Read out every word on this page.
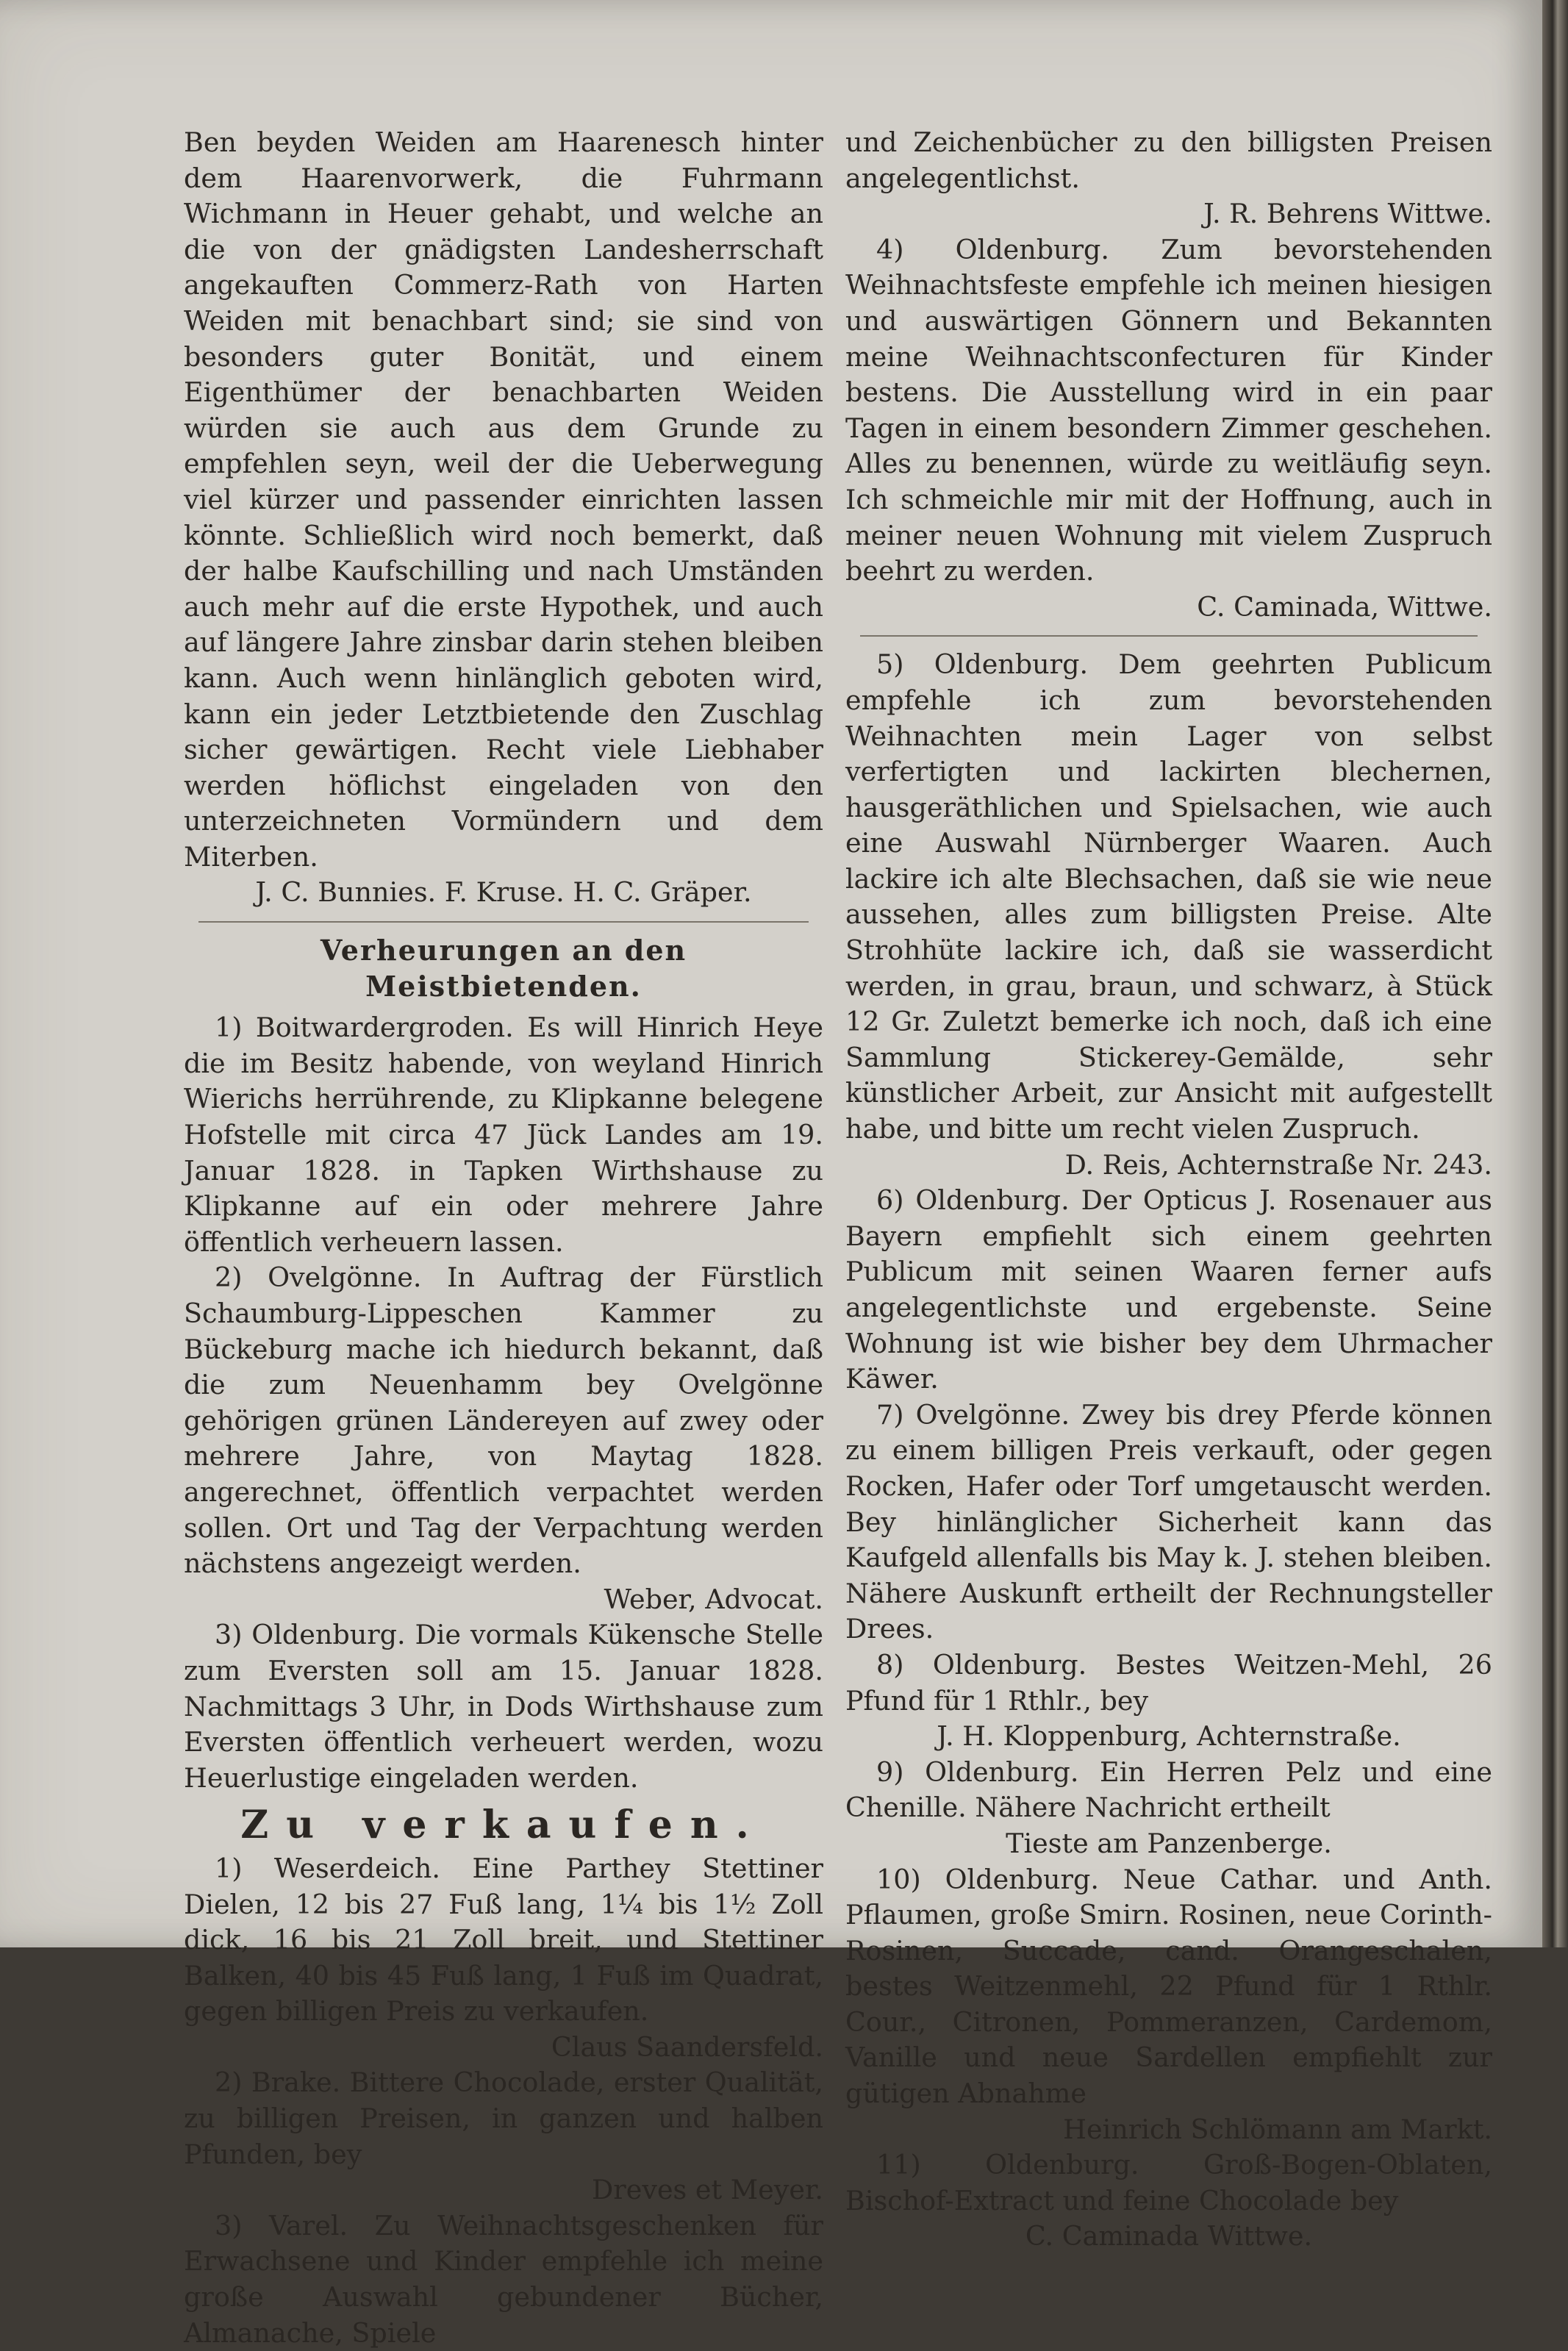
Ben beyden Weiden am Haarenesch hinter dem Haarenvorwerk, die Fuhrmann Wichmann in Heuer gehabt, und welche an die von der gnädigsten Landesherrschaft angekauften Commerz-Rath von Harten Weiden mit benachbart sind; sie sind von besonders guter Bonität, und einem Eigenthümer der benachbarten Weiden würden sie auch aus dem Grunde zu empfehlen seyn, weil der die Ueberwegung viel kürzer und passender einrichten lassen könnte. Schließlich wird noch bemerkt, daß der halbe Kaufschilling und nach Umständen auch mehr auf die erste Hypothek, und auch auf längere Jahre zinsbar darin stehen bleiben kann. Auch wenn hinlänglich geboten wird, kann ein jeder Letztbietende den Zuschlag sicher gewärtigen. Recht viele Liebhaber werden höflichst eingeladen von den unterzeichneten Vormündern und dem Miterben.

J. C. Bunnies. F. Kruse. H. C. Gräper.

Verheurungen an den Meistbietenden.

1) Boitwardergroden. Es will Hinrich Heye die im Besitz habende, von weyland Hinrich Wierichs herrührende, zu Klipkanne belegene Hofstelle mit circa 47 Jück Landes am 19. Januar 1828. in Tapken Wirthshause zu Klipkanne auf ein oder mehrere Jahre öffentlich verheuern lassen.

2) Ovelgönne. In Auftrag der Fürstlich Schaumburg-Lippeschen Kammer zu Bückeburg mache ich hiedurch bekannt, daß die zum Neuenhamm bey Ovelgönne gehörigen grünen Ländereyen auf zwey oder mehrere Jahre, von Maytag 1828. angerechnet, öffentlich verpachtet werden sollen. Ort und Tag der Verpachtung werden nächstens angezeigt werden.

Weber, Advocat.

3) Oldenburg. Die vormals Kükensche Stelle zum Eversten soll am 15. Januar 1828. Nachmittags 3 Uhr, in Dods Wirthshause zum Eversten öffentlich verheuert werden, wozu Heuerlustige eingeladen werden.

Zu verkaufen.

1) Weserdeich. Eine Parthey Stettiner Dielen, 12 bis 27 Fuß lang, 1¼ bis 1½ Zoll dick, 16 bis 21 Zoll breit, und Stettiner Balken, 40 bis 45 Fuß lang, 1 Fuß im Quadrat, gegen billigen Preis zu verkaufen.

Claus Saandersfeld.

2) Brake. Bittere Chocolade, erster Qualität, zu billigen Preisen, in ganzen und halben Pfunden, bey

Dreves et Meyer.

3) Varel. Zu Weihnachtsgeschenken für Erwachsene und Kinder empfehle ich meine große Auswahl gebundener Bücher, Almanache, Spiele

und Zeichenbücher zu den billigsten Preisen angelegentlichst.

J. R. Behrens Wittwe.

4) Oldenburg. Zum bevorstehenden Weihnachtsfeste empfehle ich meinen hiesigen und auswärtigen Gönnern und Bekannten meine Weihnachtsconfecturen für Kinder bestens. Die Ausstellung wird in ein paar Tagen in einem besondern Zimmer geschehen. Alles zu benennen, würde zu weitläufig seyn. Ich schmeichle mir mit der Hoffnung, auch in meiner neuen Wohnung mit vielem Zuspruch beehrt zu werden.

C. Caminada, Wittwe.

5) Oldenburg. Dem geehrten Publicum empfehle ich zum bevorstehenden Weihnachten mein Lager von selbst verfertigten und lackirten blechernen, hausgeräthlichen und Spielsachen, wie auch eine Auswahl Nürnberger Waaren. Auch lackire ich alte Blechsachen, daß sie wie neue aussehen, alles zum billigsten Preise. Alte Strohhüte lackire ich, daß sie wasserdicht werden, in grau, braun, und schwarz, à Stück 12 Gr. Zuletzt bemerke ich noch, daß ich eine Sammlung Stickerey-Gemälde, sehr künstlicher Arbeit, zur Ansicht mit aufgestellt habe, und bitte um recht vielen Zuspruch.

D. Reis, Achternstraße Nr. 243.

6) Oldenburg. Der Opticus J. Rosenauer aus Bayern empfiehlt sich einem geehrten Publicum mit seinen Waaren ferner aufs angelegentlichste und ergebenste. Seine Wohnung ist wie bisher bey dem Uhrmacher Käwer.

7) Ovelgönne. Zwey bis drey Pferde können zu einem billigen Preis verkauft, oder gegen Rocken, Hafer oder Torf umgetauscht werden. Bey hinlänglicher Sicherheit kann das Kaufgeld allenfalls bis May k. J. stehen bleiben. Nähere Auskunft ertheilt der Rechnungsteller Drees.

8) Oldenburg. Bestes Weitzen-Mehl, 26 Pfund für 1 Rthlr., bey

J. H. Kloppenburg, Achternstraße.

9) Oldenburg. Ein Herren Pelz und eine Chenille. Nähere Nachricht ertheilt

Tieste am Panzenberge.

10) Oldenburg. Neue Cathar. und Anth. Pflaumen, große Smirn. Rosinen, neue Corinth-Rosinen, Succade, cand. Orangeschalen, bestes Weitzenmehl, 22 Pfund für 1 Rthlr. Cour., Citronen, Pommeranzen, Cardemom, Vanille und neue Sardellen empfiehlt zur gütigen Abnahme

Heinrich Schlömann am Markt.

11) Oldenburg. Groß-Bogen-Oblaten, Bischof-Extract und feine Chocolade bey

C. Caminada Wittwe.
